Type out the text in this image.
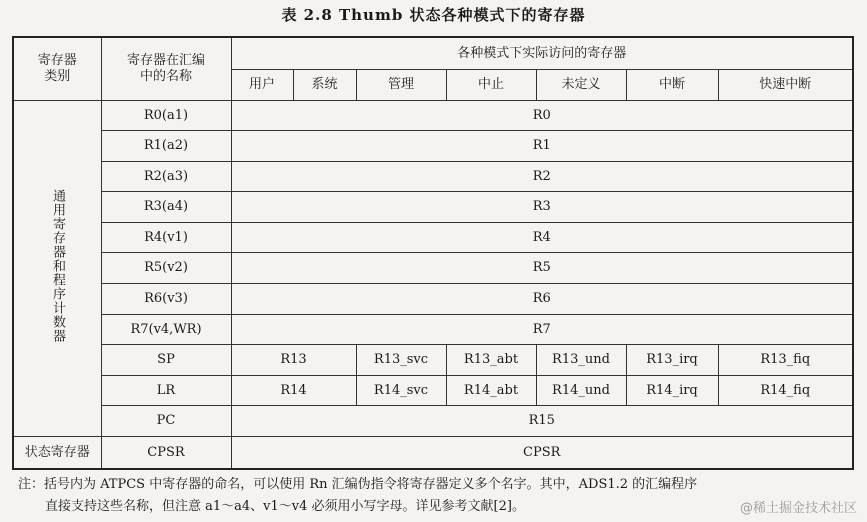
表 2.8 Thumb 状态各种模式下的寄存器
寄存器
类别	寄存器在汇编
中的名称	各种模式下实际访问的寄存器						
		用户	系统	管理	中止	未定义	中断	快速中断
通用寄存器和程序计数器	R0(a1)	R0						
	R1(a2)	R1						
	R2(a3)	R2						
	R3(a4)	R3						
	R4(v1)	R4						
	R5(v2)	R5						
	R6(v3)	R6						
	R7(v4,WR)	R7						
	SP	R13		R13_svc	R13_abt	R13_und	R13_irq	R13_fiq
	LR	R14		R14_svc	R14_abt	R14_und	R14_irq	R14_fiq
	PC	R15						
状态寄存器	CPSR	CPSR						

注：括号内为 ATPCS 中寄存器的命名，可以使用 Rn 汇编伪指令将寄存器定义多个名字。其中，ADS1.2 的汇编程序

直接支持这些名称，但注意 a1～a4、v1～v4 必须用小写字母。详见参考文献[2]。	@稀土掘金技术社区
